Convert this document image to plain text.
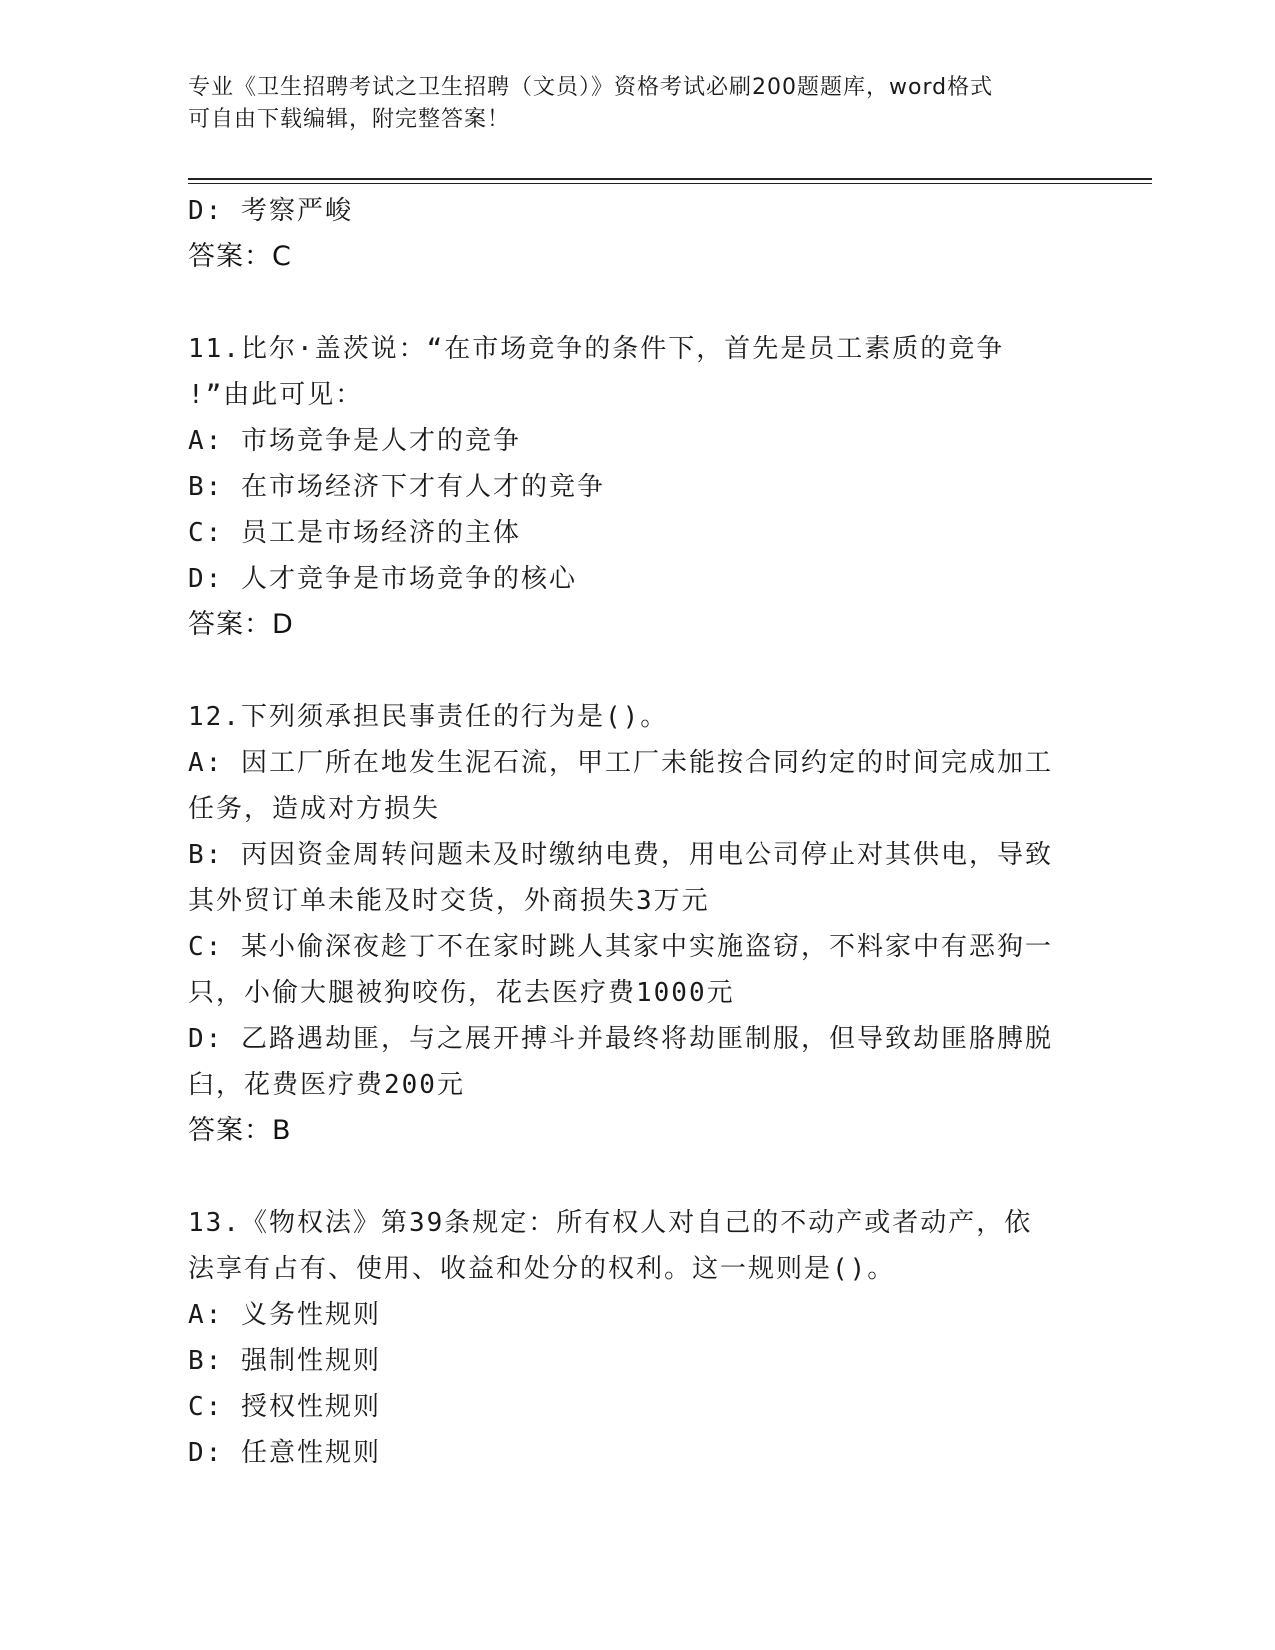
专业《卫生招聘考试之卫生招聘（文员）》资格考试必刷200题题库，word格式
可自由下载编辑，附完整答案！
D: 考察严峻
答案：C
11.比尔·盖茨说：“在市场竞争的条件下，首先是员工素质的竞争
!”由此可见：
A: 市场竞争是人才的竞争
B: 在市场经济下才有人才的竞争
C: 员工是市场经济的主体
D: 人才竞争是市场竞争的核心
答案：D
12.下列须承担民事责任的行为是()。
A: 因工厂所在地发生泥石流，甲工厂未能按合同约定的时间完成加工
任务，造成对方损失
B: 丙因资金周转问题未及时缴纳电费，用电公司停止对其供电，导致
其外贸订单未能及时交货，外商损失3万元
C: 某小偷深夜趁丁不在家时跳人其家中实施盗窃，不料家中有恶狗一
只，小偷大腿被狗咬伤，花去医疗费1000元
D: 乙路遇劫匪，与之展开搏斗并最终将劫匪制服，但导致劫匪胳膊脱
臼，花费医疗费200元
答案：B
13.《物权法》第39条规定：所有权人对自己的不动产或者动产，依
法享有占有、使用、收益和处分的权利。这一规则是()。
A: 义务性规则
B: 强制性规则
C: 授权性规则
D: 任意性规则
